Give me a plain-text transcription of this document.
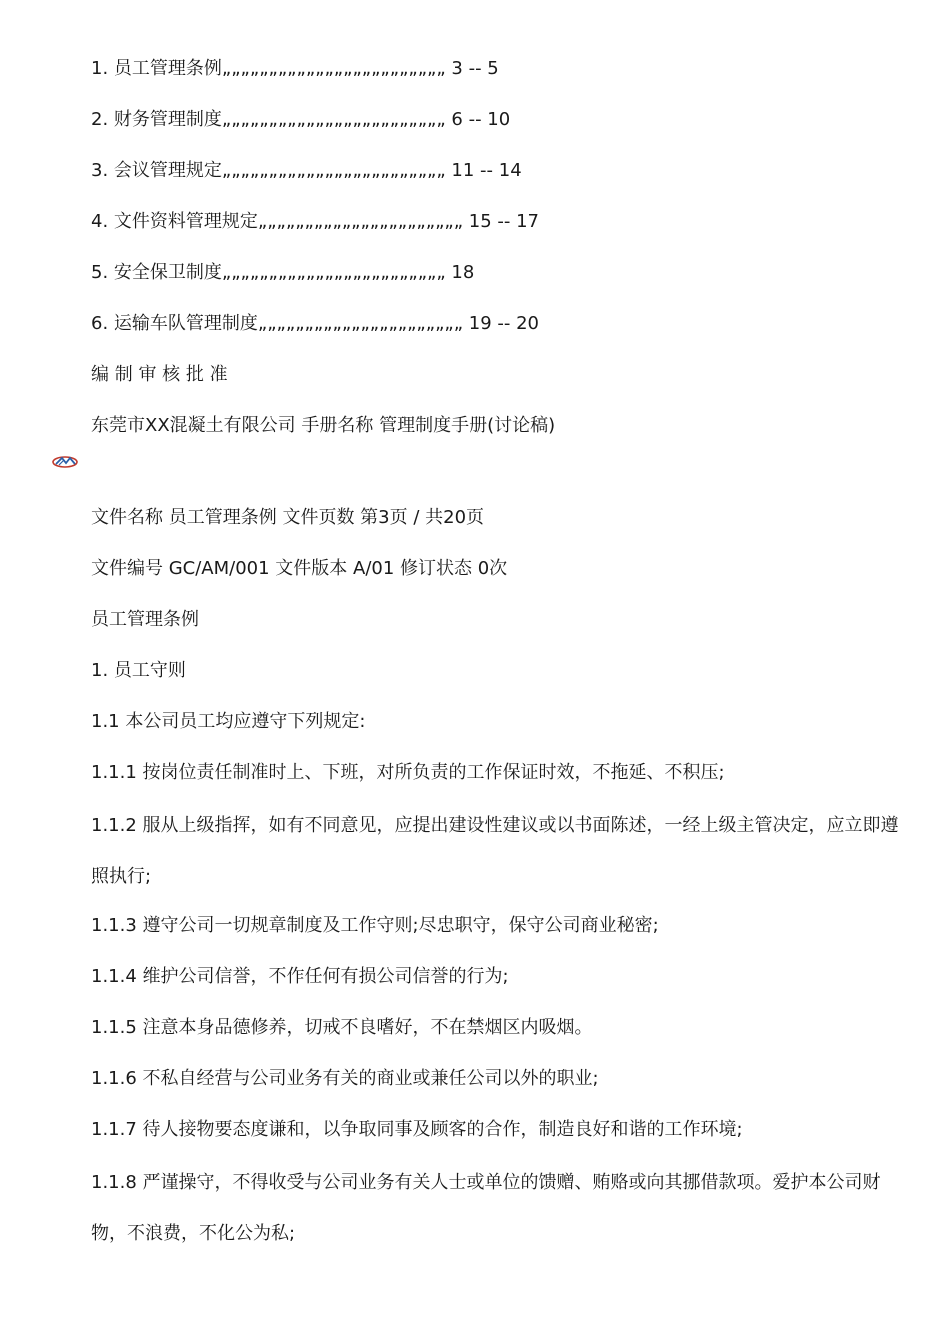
1. 员工管理条例„„„„„„„„„„„„„„„„„„„„„„„„ 3 -- 5
2. 财务管理制度„„„„„„„„„„„„„„„„„„„„„„„„ 6 -- 10
3. 会议管理规定„„„„„„„„„„„„„„„„„„„„„„„„ 11 -- 14
4. 文件资料管理规定„„„„„„„„„„„„„„„„„„„„„„ 15 -- 17
5. 安全保卫制度„„„„„„„„„„„„„„„„„„„„„„„„ 18
6. 运输车队管理制度„„„„„„„„„„„„„„„„„„„„„„ 19 -- 20
编 制 审 核 批 准
东莞市XX混凝土有限公司 手册名称 管理制度手册(讨论稿)
文件名称 员工管理条例 文件页数 第3页 / 共20页
文件编号 GC/AM/001 文件版本 A/01 修订状态 0次
员工管理条例
1. 员工守则
1.1 本公司员工均应遵守下列规定:
1.1.1 按岗位责任制准时上、下班，对所负责的工作保证时效，不拖延、不积压;
1.1.2 服从上级指挥，如有不同意见，应提出建设性建议或以书面陈述，一经上级主管决定，应立即遵照执行;
1.1.3 遵守公司一切规章制度及工作守则;尽忠职守，保守公司商业秘密;
1.1.4 维护公司信誉，不作任何有损公司信誉的行为;
1.1.5 注意本身品德修养，切戒不良嗜好，不在禁烟区内吸烟。
1.1.6 不私自经营与公司业务有关的商业或兼任公司以外的职业;
1.1.7 待人接物要态度谦和，以争取同事及顾客的合作，制造良好和谐的工作环境;
1.1.8 严谨操守，不得收受与公司业务有关人士或单位的馈赠、贿赂或向其挪借款项。爱护本公司财物，不浪费，不化公为私;
